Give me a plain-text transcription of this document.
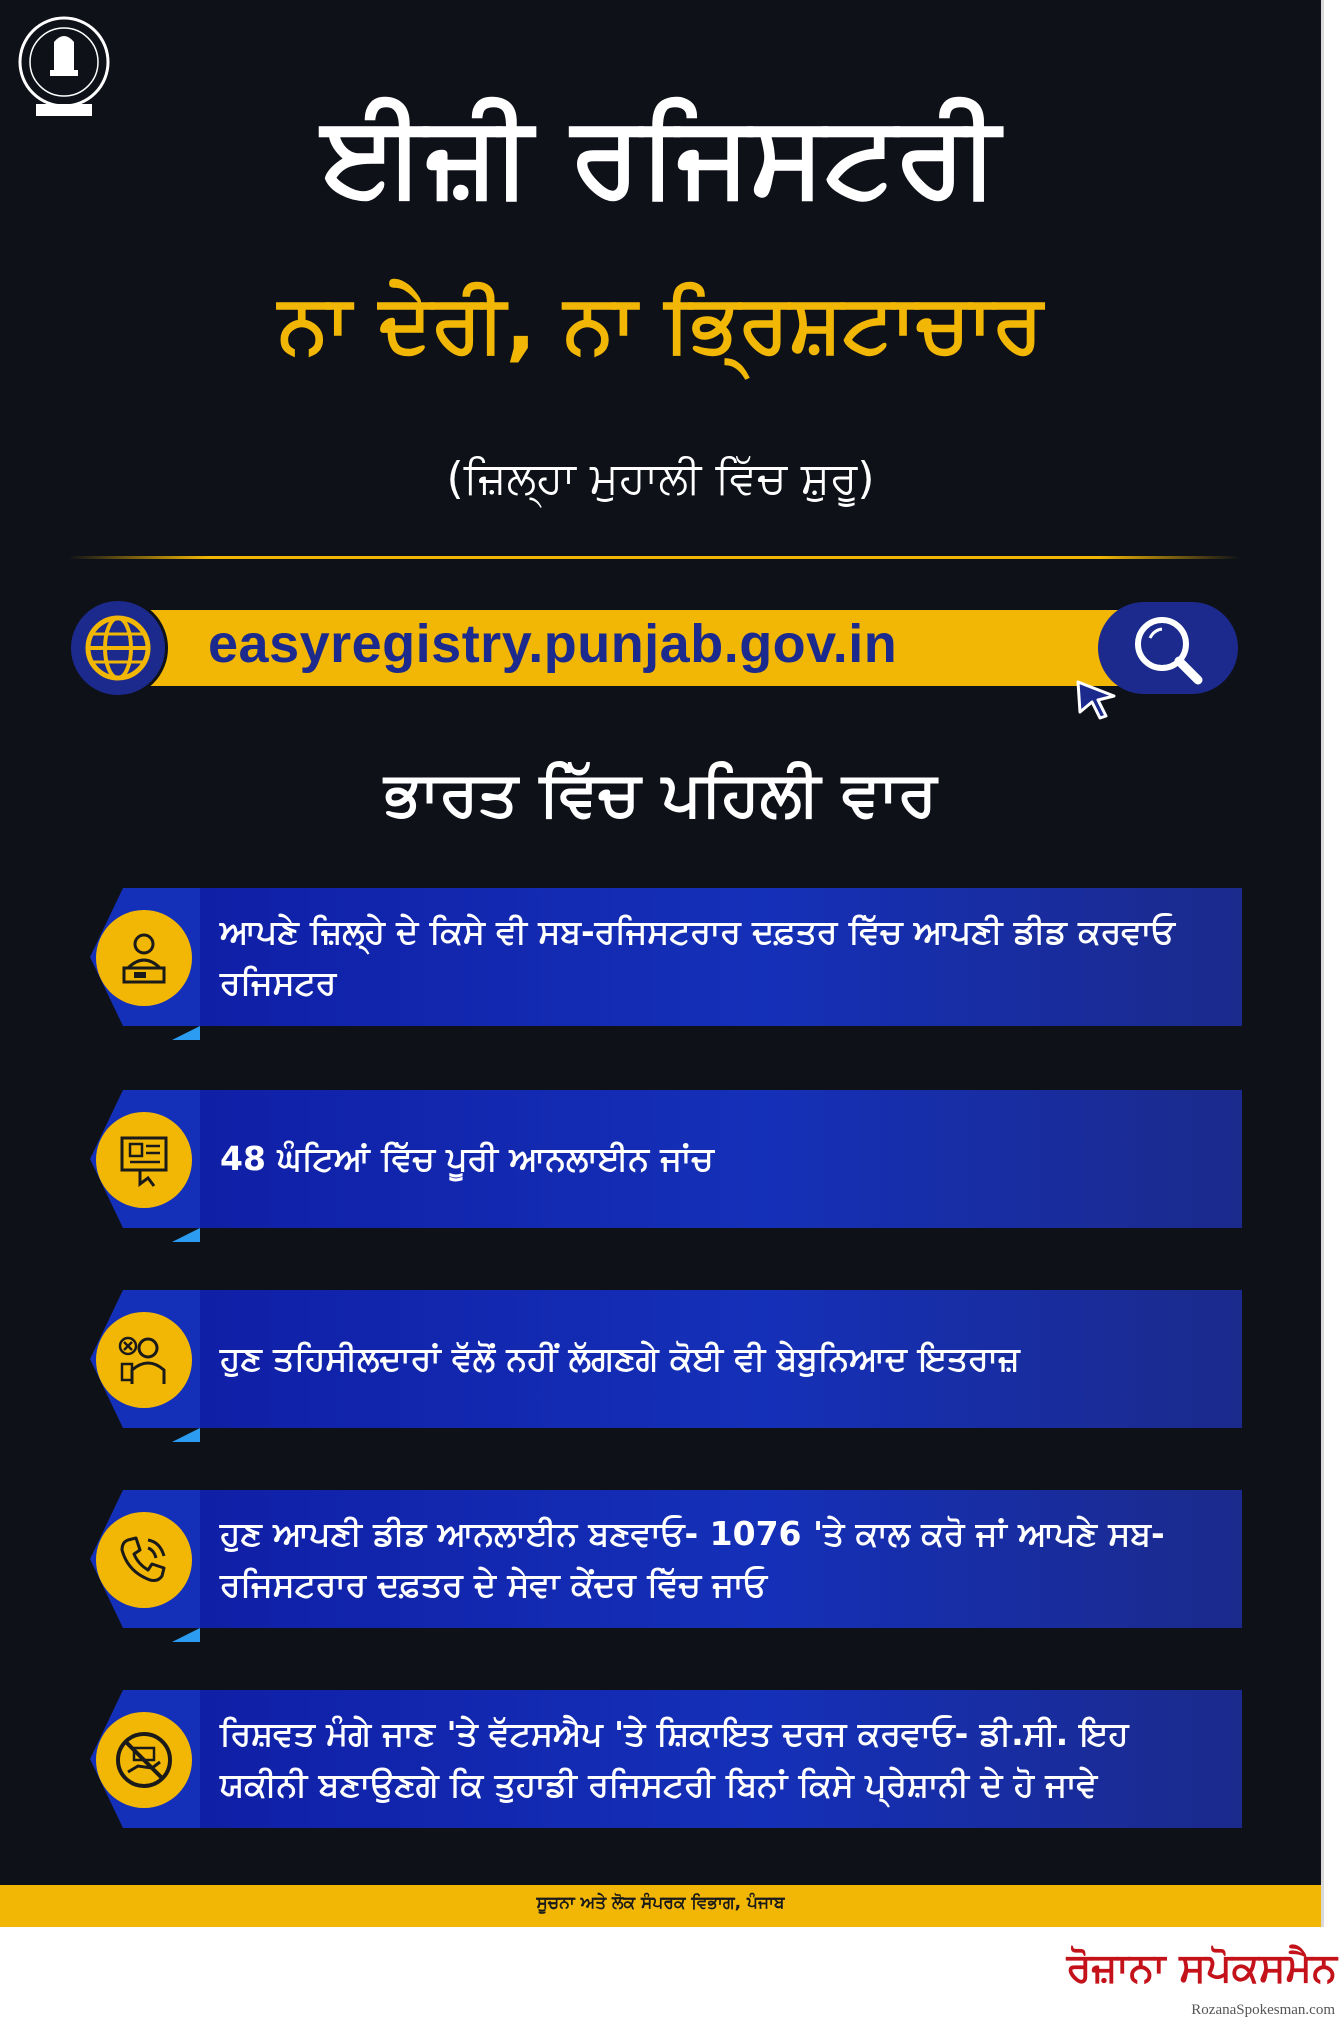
ਈਜ਼ੀ ਰਜਿਸਟਰੀ
ਨਾ ਦੇਰੀ, ਨਾ ਭ੍ਰਿਸ਼ਟਾਚਾਰ
(ਜ਼ਿਲ੍ਹਾ ਮੁਹਾਲੀ ਵਿੱਚ ਸ਼ੁਰੂ)
easyregistry.punjab.gov.in
ਭਾਰਤ ਵਿੱਚ ਪਹਿਲੀ ਵਾਰ
ਆਪਣੇ ਜ਼ਿਲ੍ਹੇ ਦੇ ਕਿਸੇ ਵੀ ਸਬ-ਰਜਿਸਟਰਾਰ ਦਫ਼ਤਰ ਵਿੱਚ ਆਪਣੀ ਡੀਡ ਕਰਵਾਓ ਰਜਿਸਟਰ
48 ਘੰਟਿਆਂ ਵਿੱਚ ਪੂਰੀ ਆਨਲਾਈਨ ਜਾਂਚ
ਹੁਣ ਤਹਿਸੀਲਦਾਰਾਂ ਵੱਲੋਂ ਨਹੀਂ ਲੱਗਣਗੇ ਕੋਈ ਵੀ ਬੇਬੁਨਿਆਦ ਇਤਰਾਜ਼
ਹੁਣ ਆਪਣੀ ਡੀਡ ਆਨਲਾਈਨ ਬਣਵਾਓ- 1076 'ਤੇ ਕਾਲ ਕਰੋ ਜਾਂ ਆਪਣੇ ਸਬ-ਰਜਿਸਟਰਾਰ ਦਫ਼ਤਰ ਦੇ ਸੇਵਾ ਕੇਂਦਰ ਵਿੱਚ ਜਾਓ
ਰਿਸ਼ਵਤ ਮੰਗੇ ਜਾਣ 'ਤੇ ਵੱਟਸਐਪ 'ਤੇ ਸ਼ਿਕਾਇਤ ਦਰਜ ਕਰਵਾਓ- ਡੀ.ਸੀ. ਇਹ ਯਕੀਨੀ ਬਣਾਉਣਗੇ ਕਿ ਤੁਹਾਡੀ ਰਜਿਸਟਰੀ ਬਿਨਾਂ ਕਿਸੇ ਪ੍ਰੇਸ਼ਾਨੀ ਦੇ ਹੋ ਜਾਵੇ
ਸੂਚਨਾ ਅਤੇ ਲੋਕ ਸੰਪਰਕ ਵਿਭਾਗ, ਪੰਜਾਬ
ਰੋਜ਼ਾਨਾ ਸਪੋਕਸਮੈਨ
RozanaSpokesman.com
